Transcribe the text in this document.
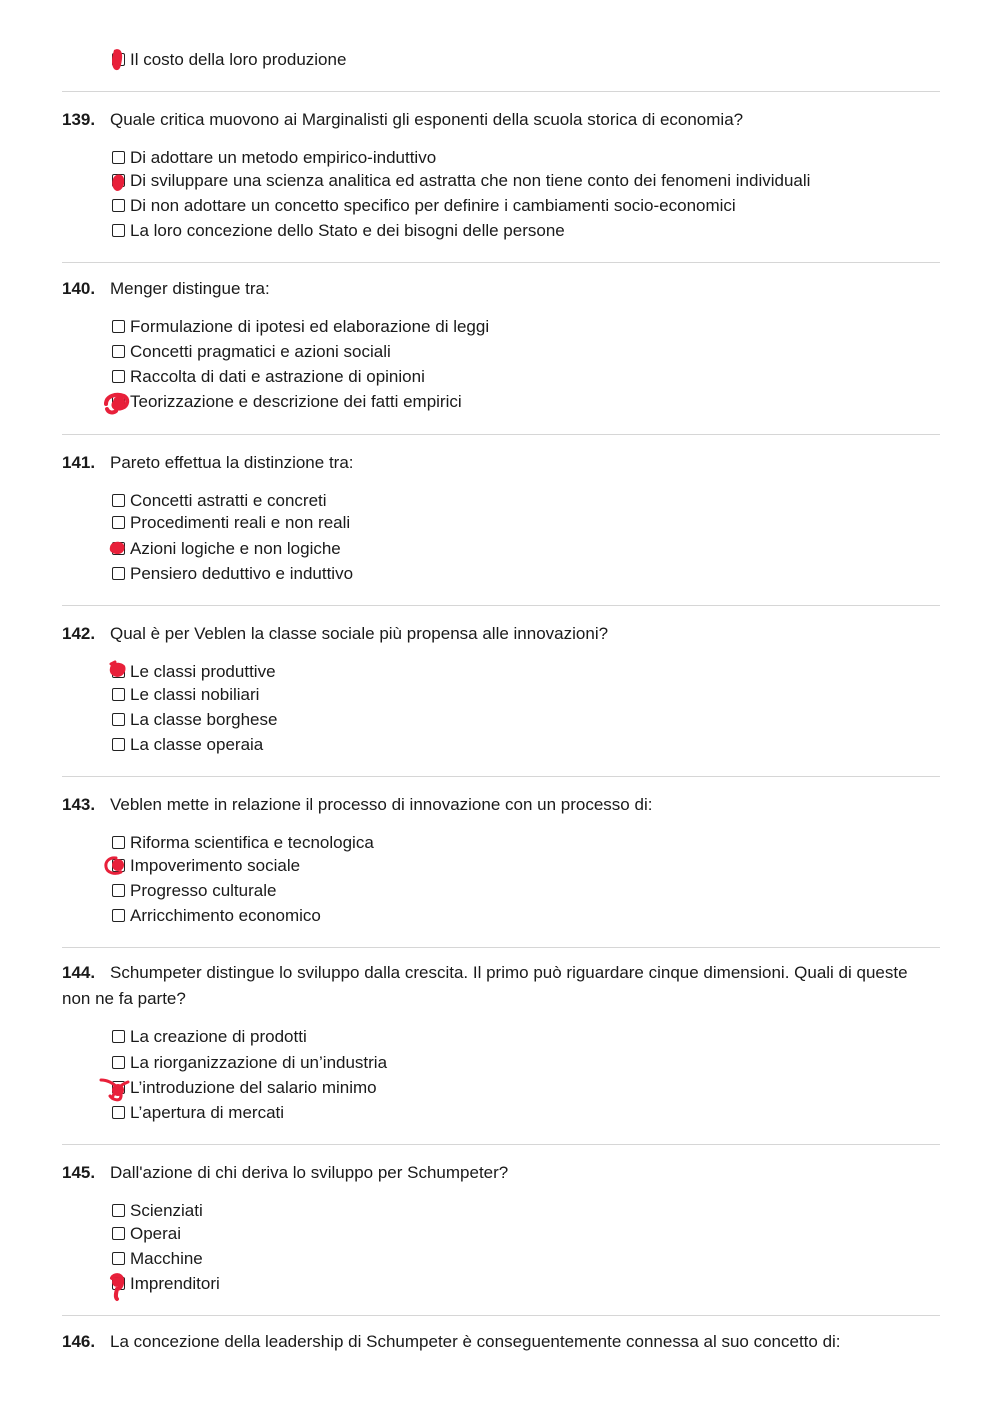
Il costo della loro produzione
139. Quale critica muovono ai Marginalisti gli esponenti della scuola storica di economia?
Di adottare un metodo empirico-induttivo
Di sviluppare una scienza analitica ed astratta che non tiene conto dei fenomeni individuali
Di non adottare un concetto specifico per definire i cambiamenti socio-economici
La loro concezione dello Stato e dei bisogni delle persone
140. Menger distingue tra:
Formulazione di ipotesi ed elaborazione di leggi
Concetti pragmatici e azioni sociali
Raccolta di dati e astrazione di opinioni
Teorizzazione e descrizione dei fatti empirici
141. Pareto effettua la distinzione tra:
Concetti astratti e concreti
Procedimenti reali e non reali
Azioni logiche e non logiche
Pensiero deduttivo e induttivo
142. Qual è per Veblen la classe sociale più propensa alle innovazioni?
Le classi produttive
Le classi nobiliari
La classe borghese
La classe operaia
143. Veblen mette in relazione il processo di innovazione con un processo di:
Riforma scientifica e tecnologica
Impoverimento sociale
Progresso culturale
Arricchimento economico
144. Schumpeter distingue lo sviluppo dalla crescita. Il primo può riguardare cinque dimensioni. Quali di queste non ne fa parte?
La creazione di prodotti
La riorganizzazione di un’industria
L’introduzione del salario minimo
L’apertura di mercati
145. Dall'azione di chi deriva lo sviluppo per Schumpeter?
Scienziati
Operai
Macchine
Imprenditori
146. La concezione della leadership di Schumpeter è conseguentemente connessa al suo concetto di:
